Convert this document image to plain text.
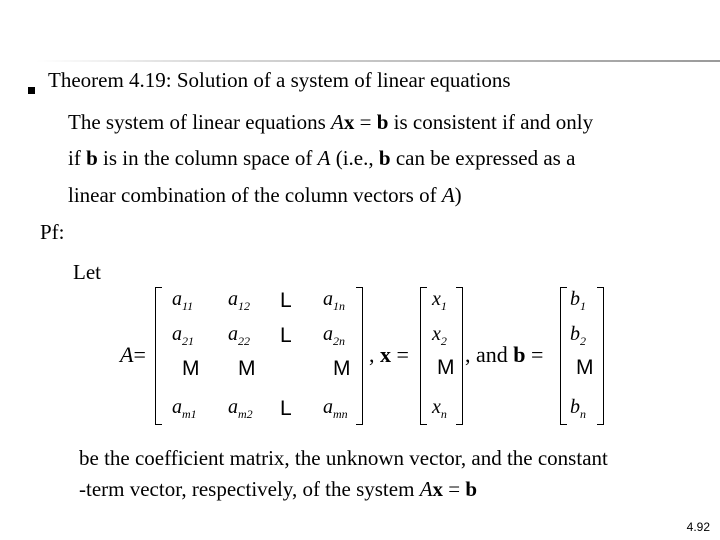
Theorem 4.19: Solution of a system of linear equations
The system of linear equations Ax = b is consistent if and only
if b is in the column space of A (i.e., b can be expressed as a
linear combination of the column vectors of A)
Pf:
Let
A=
$a_{11}$ $a_{12}$ L $a_{1n}$
$a_{21}$ $a_{22}$ L $a_{2n}$
M M	M
$a_{m1}$ $a_{m2}$ L $a_{mn}$
, x =
$x_1$
$x_2$
M
$x_n$
, and b =
$b_1$
$b_2$
M
$b_n$
be the coefficient matrix, the unknown vector, and the constant
-term vector, respectively, of the system Ax = b
4.92
